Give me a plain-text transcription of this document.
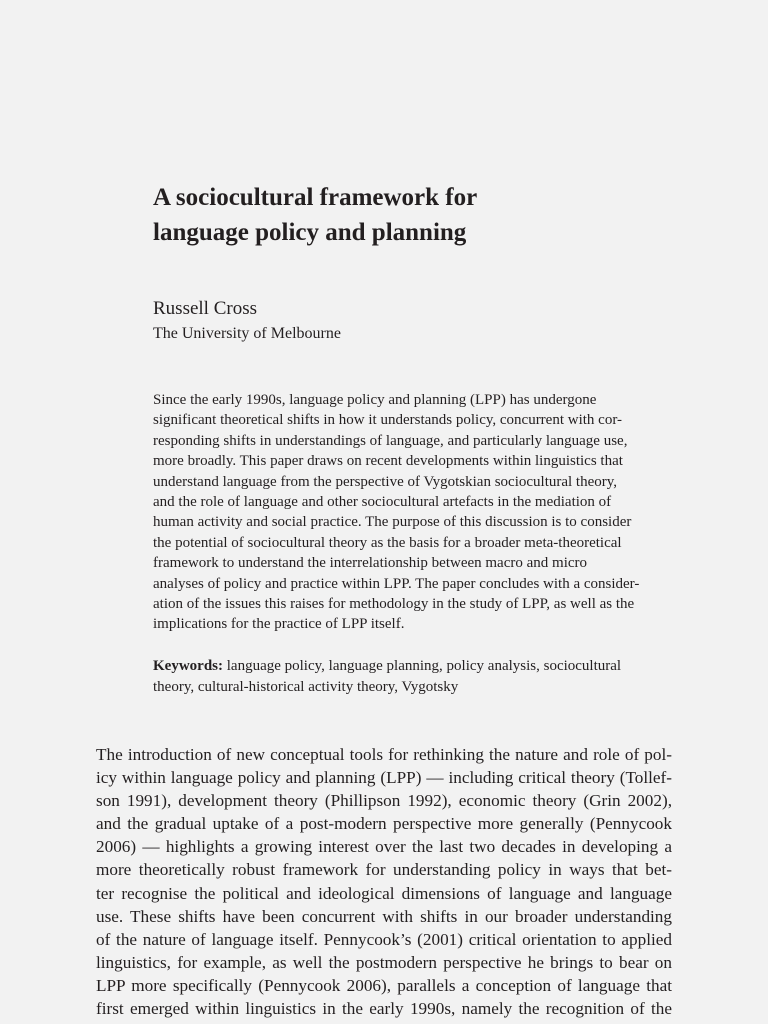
A sociocultural framework for
language policy and planning
Russell Cross
The University of Melbourne
Since the early 1990s, language policy and planning (LPP) has undergone
significant theoretical shifts in how it understands policy, concurrent with cor-
responding shifts in understandings of language, and particularly language use,
more broadly. This paper draws on recent developments within linguistics that
understand language from the perspective of Vygotskian sociocultural theory,
and the role of language and other sociocultural artefacts in the mediation of
human activity and social practice. The purpose of this discussion is to consider
the potential of sociocultural theory as the basis for a broader meta-theoretical
framework to understand the interrelationship between macro and micro
analyses of policy and practice within LPP. The paper concludes with a consider-
ation of the issues this raises for methodology in the study of LPP, as well as the
implications for the practice of LPP itself.
Keywords: language policy, language planning, policy analysis, sociocultural
theory, cultural-historical activity theory, Vygotsky
The introduction of new conceptual tools for rethinking the nature and role of pol-
icy within language policy and planning (LPP) — including critical theory (Tollef-
son 1991), development theory (Phillipson 1992), economic theory (Grin 2002),
and the gradual uptake of a post-modern perspective more generally (Pennycook
2006) — highlights a growing interest over the last two decades in developing a
more theoretically robust framework for understanding policy in ways that bet-
ter recognise the political and ideological dimensions of language and language
use. These shifts have been concurrent with shifts in our broader understanding
of the nature of language itself. Pennycook’s (2001) critical orientation to applied
linguistics, for example, as well the postmodern perspective he brings to bear on
LPP more specifically (Pennycook 2006), parallels a conception of language that
first emerged within linguistics in the early 1990s, namely the recognition of the
